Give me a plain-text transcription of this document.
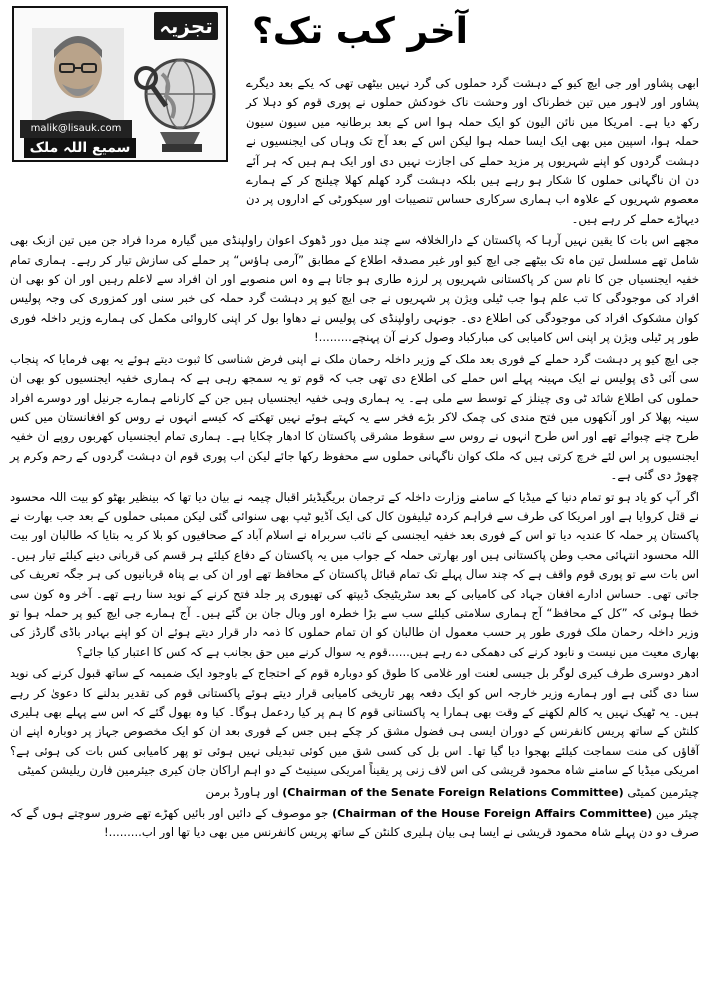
تجزیہ
malik@lisauk.com
سمیع اللہ ملک
آخر کب تک؟

ابھی پشاور اور جی ایچ کیو کے دہشت گرد حملوں کی گرد نہیں بیٹھی تھی کہ یکے بعد دیگرے پشاور اور لاہور میں تین خطرناک اور وحشت ناک خودکش حملوں نے پوری قوم کو دہلا کر رکھ دیا ہے۔ امریکا میں نائن الیون کو ایک حملہ ہوا اس کے بعد برطانیہ میں سیون سیون حملہ ہوا، اسپین میں بھی ایک ایسا حملہ ہوا لیکن اس کے بعد آج تک وہاں کی ایجنسیوں نے دہشت گردوں کو اپنے شہریوں پر مزید حملے کی اجازت نہیں دی اور ایک ہم ہیں کہ ہر آئے دن ان ناگہانی حملوں کا شکار ہو رہے ہیں بلکہ دہشت گرد کھلم کھلا چیلنج کر کے ہمارے معصوم شہریوں کے علاوہ اب ہماری سرکاری حساس تنصیبات اور سیکورٹی کے اداروں پر دن دیہاڑے حملے کر رہے ہیں۔

مجھے اس بات کا یقین نہیں آرہا کہ پاکستان کے دارالخلافہ سے چند میل دور ڈھوک اعوان راولپنڈی میں گیارہ مردا فراد جن میں تین ازبک بھی شامل تھے مسلسل تین ماہ تک بیٹھے جی ایچ کیو اور غیر مصدقہ اطلاع کے مطابق ”آرمی ہاؤس“ پر حملے کی سازش تیار کر رہے۔ ہماری تمام خفیہ ایجنسیاں جن کا نام سن کر پاکستانی شہریوں پر لرزہ طاری ہو جاتا ہے وہ اس منصوبے اور ان افراد سے لاعلم رہیں اور ان کو بھی ان افراد کی موجودگی کا تب علم ہوا جب ٹیلی ویژن پر شہریوں نے جی ایچ کیو پر دہشت گرد حملہ کی خبر سنی اور کمزوری کی وجہ پولیس کوان مشکوک افراد کی موجودگی کی اطلاع دی۔ جونہی راولپنڈی کی پولیس نے دھاوا بول کر اپنی کاروائی مکمل کی ہمارے وزیر داخلہ فوری طور پر ٹیلی ویژن پر اپنی اس کامیابی کی مبارکباد وصول کرنے آن پہنچے.........!

جی ایچ کیو پر دہشت گرد حملے کے فوری بعد ملک کے وزیر داخلہ رحمان ملک نے اپنی فرض شناسی کا ثبوت دیتے ہوئے یہ بھی فرمایا کہ پنجاب سی آئی ڈی پولیس نے ایک مہینہ پہلے اس حملے کی اطلاع دی تھی جب کہ قوم تو یہ سمجھ رہی ہے کہ ہماری خفیہ ایجنسیوں کو بھی ان حملوں کی اطلاع شائد ٹی وی چینلز کے توسط سے ملی ہے۔ یہ ہماری وہی خفیہ ایجنسیاں ہیں جن کے کارنامے ہمارے جرنیل اور دوسرے افراد سینہ پھلا کر اور آنکھوں میں فتح مندی کی چمک لاکر بڑے فخر سے یہ کہتے ہوئے نہیں تھکتے کہ کیسے انہوں نے روس کو افغانستان میں کس طرح چنے چبوائے تھے اور اس طرح انہوں نے روس سے سقوط مشرقی پاکستان کا ادھار چکایا ہے۔ ہماری تمام ایجنسیاں کھربوں روپے ان خفیہ ایجنسیوں پر اس لئے خرچ کرتی ہیں کہ ملک کوان ناگہانی حملوں سے محفوظ رکھا جائے لیکن اب پوری قوم ان دہشت گردوں کے رحم وکرم پر چھوڑ دی گئی ہے۔

اگر آپ کو یاد ہو تو تمام دنیا کے میڈیا کے سامنے وزارت داخلہ کے ترجمان بریگیڈیئر اقبال چیمہ نے بیان دیا تھا کہ بینظیر بھٹو کو بیت اللہ محسود نے قتل کروایا ہے اور امریکا کی طرف سے فراہم کردہ ٹیلیفون کال کی ایک آڈیو ٹیپ بھی سنوائی گئی لیکن ممبئی حملوں کے بعد جب بھارت نے پاکستان پر حملہ کا عندیہ دیا تو اس کے فوری بعد خفیہ ایجنسی کے نائب سربراہ نے اسلام آباد کے صحافیوں کو بلا کر یہ بتایا کہ طالبان اور بیت اللہ محسود انتہائی محب وطن پاکستانی ہیں اور بھارتی حملہ کے جواب میں یہ پاکستان کے دفاع کیلئے ہر قسم کی قربانی دینے کیلئے تیار ہیں۔ اس بات سے تو پوری قوم واقف ہے کہ چند سال پہلے تک تمام قبائل پاکستان کے محافظ تھے اور ان کی بے پناہ قربانیوں کی ہر جگہ تعریف کی جاتی تھی۔ حساس ادارے افغان جہاد کی کامیابی کے بعد سٹریٹیجک ڈیپتھ کی تھیوری پر جلد فتح کرنے کے نوید سنا رہے تھے۔ آخر وہ کون سی خطا ہوئی کہ ”کل کے محافظ“ آج ہماری سلامتی کیلئے سب سے بڑا خطرہ اور وبال جان بن گئے ہیں۔ آج ہمارے جی ایچ کیو پر حملہ ہوا تو وزیر داخلہ رحمان ملک فوری طور پر حسب معمول ان طالبان کو ان تمام حملوں کا ذمہ دار قرار دیتے ہوئے ان کو اپنے بہادر باڈی گارڈز کی بھاری معیت میں نیست و نابود کرنے کی دھمکی دے رہے ہیں......قوم یہ سوال کرنے میں حق بجانب ہے کہ کس کا اعتبار کیا جائے؟

ادھر دوسری طرف کیری لوگر بل جیسی لعنت اور غلامی کا طوق کو دوبارہ قوم کے احتجاج کے باوجود ایک ضمیمہ کے ساتھ قبول کرنے کی نوید سنا دی گئی ہے اور ہمارے وزیر خارجہ اس کو ایک دفعہ پھر تاریخی کامیابی قرار دیتے ہوئے پاکستانی قوم کی تقدیر بدلنے کا دعویٰ کر رہے ہیں۔ یہ ٹھیک نہیں یہ کالم لکھنے کے وقت بھی ہمارا یہ پاکستانی قوم کا ہم پر کیا ردعمل ہوگا۔ کیا وہ بھول گئے کہ اس سے پہلے بھی ہلیری کلنٹن کے ساتھ پریس کانفرنس کے دوران ایسی ہی فضول مشق کر چکے ہیں جس کے فوری بعد ان کو ایک مخصوص جہاز پر دوبارہ اپنے ان آقاؤں کی منت سماجت کیلئے بھجوا دیا گیا تھا۔ اس بل کی کسی شق میں کوئی تبدیلی نہیں ہوئی تو پھر کامیابی کس بات کی ہوئی ہے؟ امریکی میڈیا کے سامنے شاہ محمود قریشی کی اس لاف زنی پر یقیناً امریکی سینیٹ کے دو اہم اراکان جان کیری جیئرمین فارن ریلیشن کمیٹی

چیئرمین کمیٹی (Chairman of the Senate Foreign Relations Committee) اور ہاورڈ برمن

چیئر مین (Chairman of the House Foreign Affairs Committee) جو موصوف کے دائیں اور بائیں کھڑے تھے ضرور سوچتے ہوں گے کہ صرف دو دن پہلے شاہ محمود قریشی نے ایسا ہی بیان ہلیری کلنٹن کے ساتھ پریس کانفرنس میں بھی دیا تھا اور اب.........!
